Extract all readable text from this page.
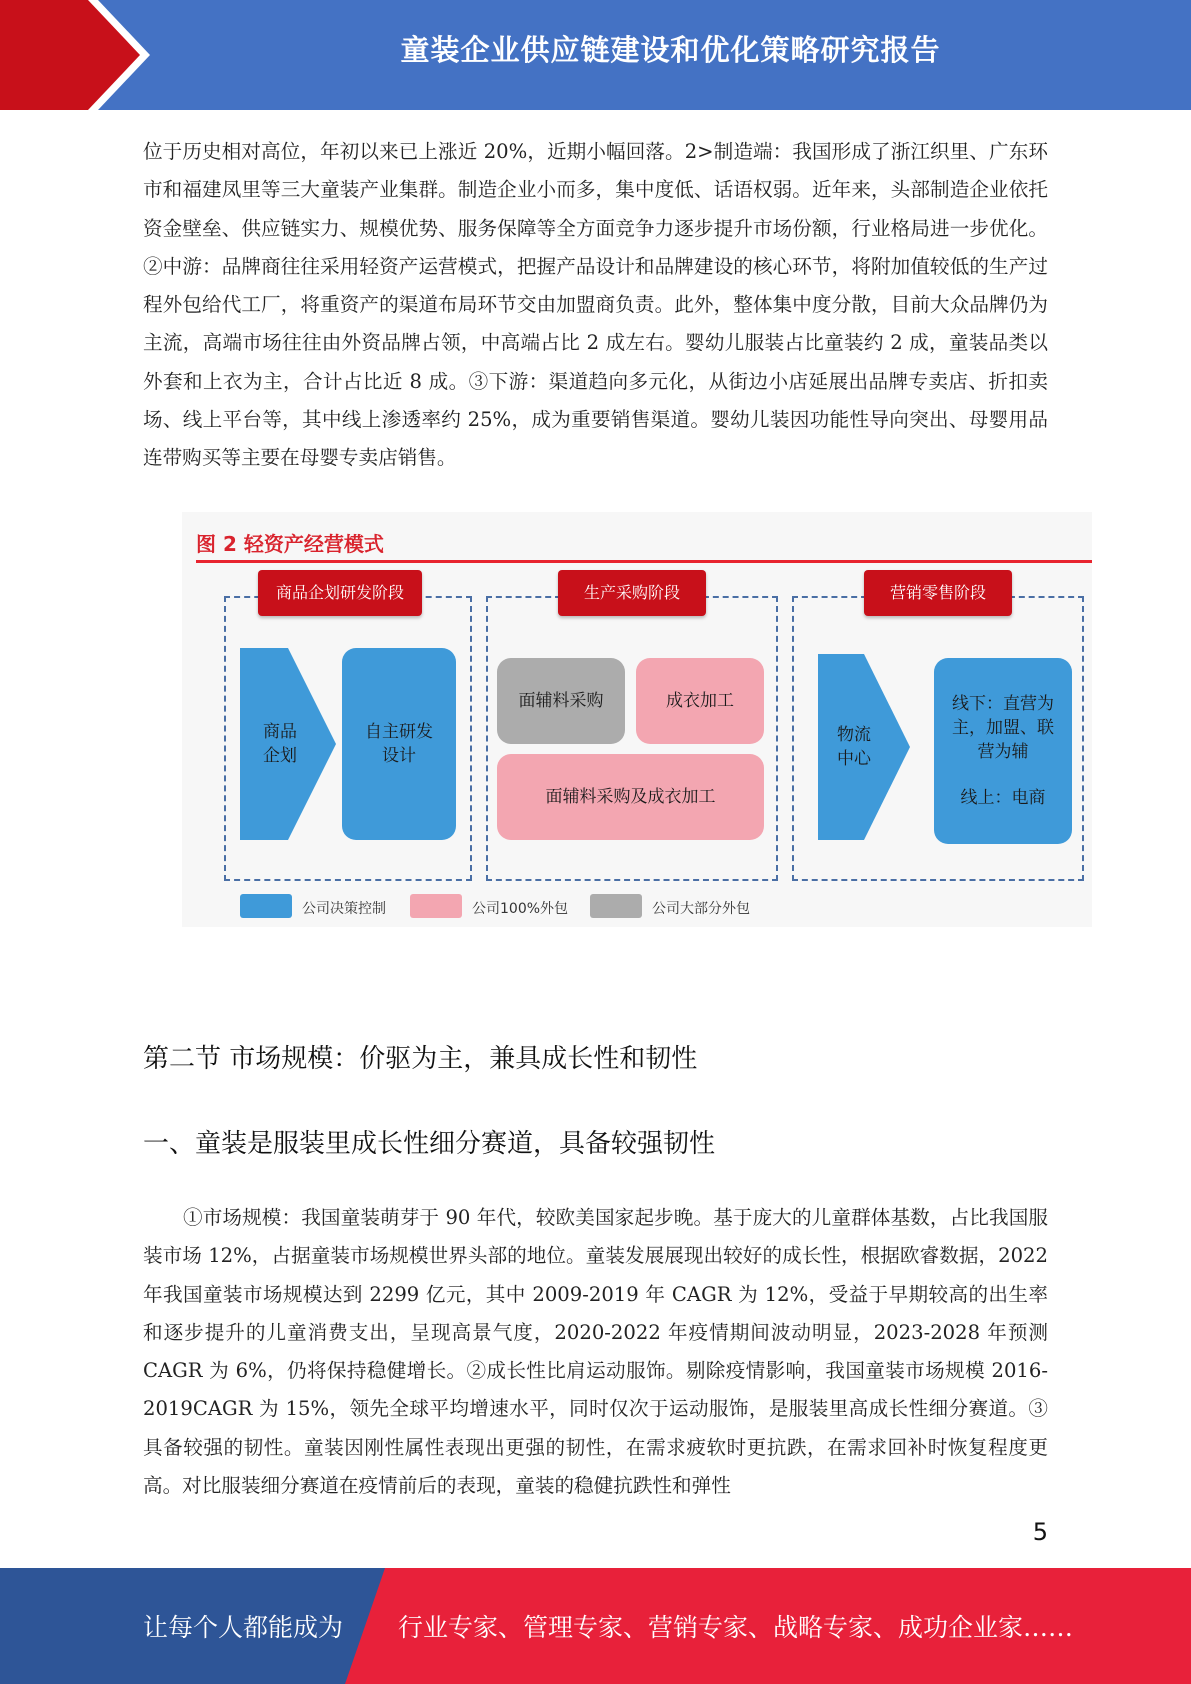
童装企业供应链建设和优化策略研究报告
位于历史相对高位，年初以来已上涨近 20%，近期小幅回落。2>制造端：我国形成了浙江织里、广东环市和福建凤里等三大童装产业集群。制造企业小而多，集中度低、话语权弱。近年来，头部制造企业依托资金壁垒、供应链实力、规模优势、服务保障等全方面竞争力逐步提升市场份额，行业格局进一步优化。②中游：品牌商往往采用轻资产运营模式，把握产品设计和品牌建设的核心环节，将附加值较低的生产过程外包给代工厂，将重资产的渠道布局环节交由加盟商负责。此外，整体集中度分散，目前大众品牌仍为主流，高端市场往往由外资品牌占领，中高端占比 2 成左右。婴幼儿服装占比童装约 2 成，童装品类以外套和上衣为主，合计占比近 8 成。③下游：渠道趋向多元化，从街边小店延展出品牌专卖店、折扣卖场、线上平台等，其中线上渗透率约 25%，成为重要销售渠道。婴幼儿装因功能性导向突出、母婴用品连带购买等主要在母婴专卖店销售。
图 2 轻资产经营模式
商品企划研发阶段	生产采购阶段	营销零售阶段
商品
企划
自主研发
设计
面辅料采购	成衣加工
面辅料采购及成衣加工
物流
中心
线下：直营为
主，加盟、联
营为辅
线上：电商
公司决策控制	公司100%外包	公司大部分外包
第二节 市场规模：价驱为主，兼具成长性和韧性
一、童装是服装里成长性细分赛道，具备较强韧性
①市场规模：我国童装萌芽于 90 年代，较欧美国家起步晚。基于庞大的儿童群体基数，占比我国服装市场 12%，占据童装市场规模世界头部的地位。童装发展展现出较好的成长性，根据欧睿数据，2022 年我国童装市场规模达到 2299 亿元，其中 2009-2019 年 CAGR 为 12%，受益于早期较高的出生率和逐步提升的儿童消费支出，呈现高景气度，2020-2022 年疫情期间波动明显，2023-2028 年预测 CAGR 为 6%，仍将保持稳健增长。②成长性比肩运动服饰。剔除疫情影响，我国童装市场规模 2016-2019CAGR 为 15%，领先全球平均增速水平，同时仅次于运动服饰，是服装里高成长性细分赛道。③具备较强的韧性。童装因刚性属性表现出更强的韧性，在需求疲软时更抗跌，在需求回补时恢复程度更高。对比服装细分赛道在疫情前后的表现，童装的稳健抗跌性和弹性
5
让每个人都能成为 行业专家、管理专家、营销专家、战略专家、成功企业家……
